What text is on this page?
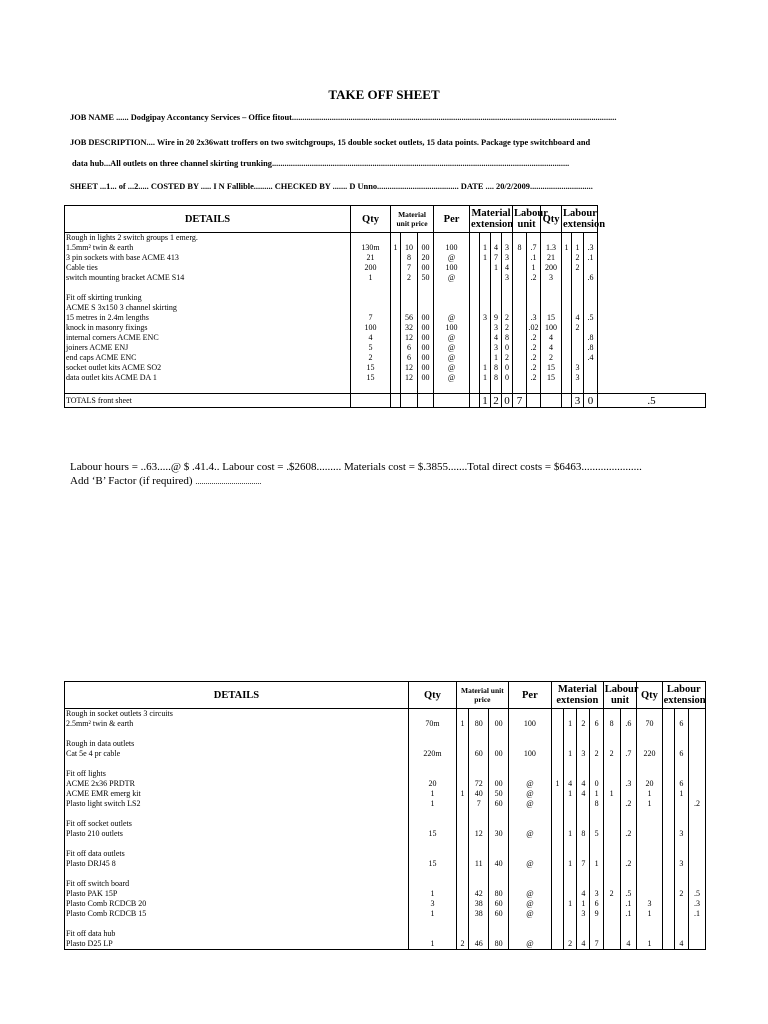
TAKE OFF SHEET
JOB NAME ...... Dodgipay Accontancy Services – Office fitout...........................................................................................................................................................
JOB DESCRIPTION.... Wire in 20 2x36watt troffers on two switchgroups, 15 double socket outlets, 15 data points. Package type switchboard and
data hub...All outlets on three channel skirting trunking..............................................................................................................................................
SHEET ...1... of ...2..... COSTED BY ..... I N Fallible......... CHECKED BY ....... D Unno....................................... DATE .... 20/2/2009..............................
DETAILS	Qty	Material unit price			Per	Material extension				Labour unit		Qty	Labour extension			
Rough in lights 2 switch groups 1 emerg.																
1.5mm² twin & earth	130m	1	10	00	100		1	4	3	8	.7	1.3	1	1	.3	
3 pin sockets with base ACME 413	21		8	20	@		1	7	3		.1	21		2	.1	
Cable ties	200		7	00	100			1	4		1	200		2		
switch mounting bracket ACME S14	1		2	50	@				3		.2	3			.6	

Fit off skirting trunking																
ACME S 3x150 3 channel skirting																
15 metres in 2.4m lengths	7		56	00	@		3	9	2		.3	15		4	.5	
knock in masonry fixings	100		32	00	100			3	2		.02	100		2		
internal corners ACME ENC	4		12	00	@			4	8		.2	4			.8	
joiners ACME ENJ	5		6	00	@			3	0		.2	4			.8	
end caps ACME ENC	2		6	00	@			1	2		.2	2			.4	
socket outlet kits ACME SO2	15		12	00	@		1	8	0		.2	15		3		
data outlet kits ACME DA 1	15		12	00	@		1	8	0		.2	15		3		

TOTALS front sheet							1	2	0	7				3	0	.5
Labour hours = ..63.....@ $ .41.4.. Labour cost = .$2608......... Materials cost = $.3855.......Total direct costs = $6463......................
Add ‘B’ Factor (if required) .................................
DETAILS	Qty	Material unit price			Per	Material extension				Labour unit		Qty	Labour extension		
Rough in socket outlets 3 circuits															
2.5mm² twin & earth	70m	1	80	00	100		1	2	6	8	.6	70		6	

Rough in data outlets															
Cat 5e 4 pr cable	220m		60	00	100		1	3	2	2	.7	220		6	

Fit off lights															
ACME 2x36 PRDTR	20		72	00	@	1	4	4	0		.3	20		6	
ACME EMR emerg kit	1	1	40	50	@		1	4	1	1		1		1	
Plasto light switch LS2	1		7	60	@				8		.2	1			.2

Fit off socket outlets															
Plasto 210 outlets	15		12	30	@		1	8	5		.2			3	

Fit off data outlets															
Plasto DRJ45 8	15		11	40	@		1	7	1		.2			3	

Fit off switch board															
Plasto PAK 15P	1		42	80	@			4	3	2	.5			2	.5
Plasto Comb RCDCB 20	3		38	60	@		1	1	6		.1	3			.3
Plasto Comb RCDCB 15	1		38	60	@			3	9		.1	1			.1

Fit off data hub															
Plasto D25 LP	1	2	46	80	@		2	4	7		4	1		4	
